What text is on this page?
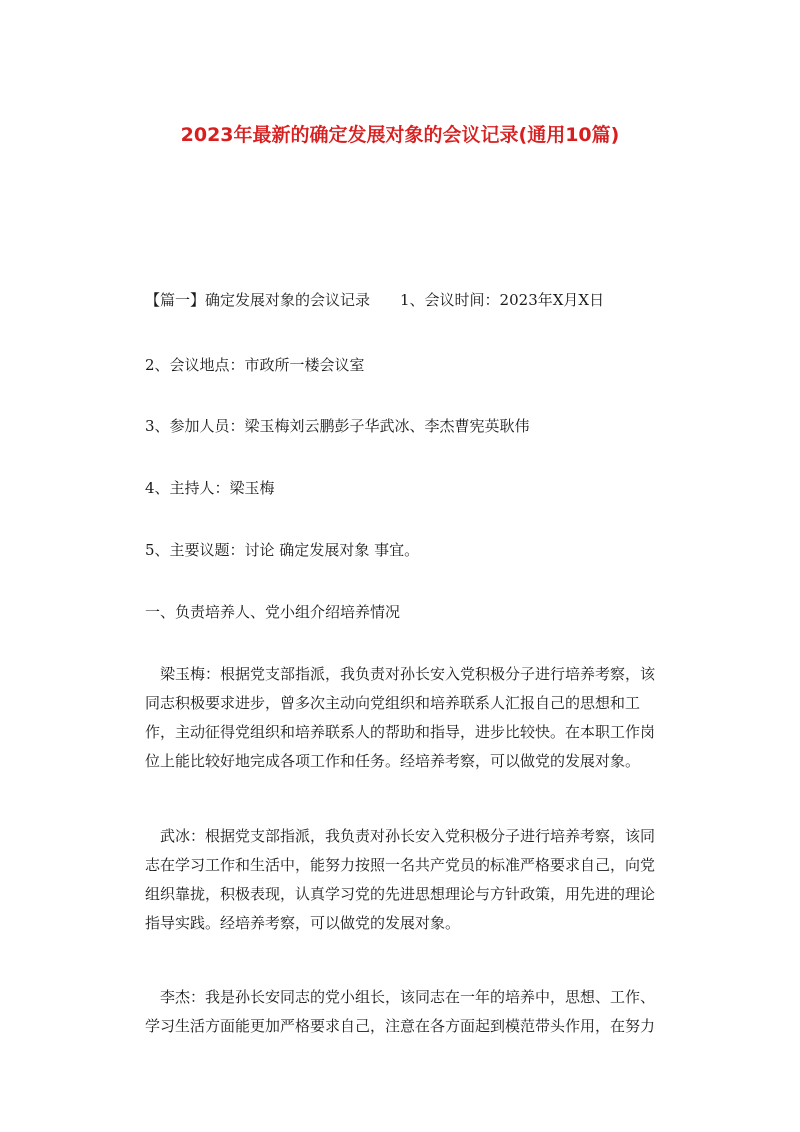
2023年最新的确定发展对象的会议记录(通用10篇)

【篇一】确定发展对象的会议记录 1、会议时间：2023年X月X日

2、会议地点：市政所一楼会议室

3、参加人员：梁玉梅刘云鹏彭子华武冰、李杰曹宪英耿伟

4、主持人：梁玉梅

5、主要议题：讨论 确定发展对象 事宜。

一、负责培养人、党小组介绍培养情况

　梁玉梅：根据党支部指派，我负责对孙长安入党积极分子进行培养考察，该
同志积极要求进步，曾多次主动向党组织和培养联系人汇报自己的思想和工
作，主动征得党组织和培养联系人的帮助和指导，进步比较快。在本职工作岗
位上能比较好地完成各项工作和任务。经培养考察，可以做党的发展对象。
　武冰：根据党支部指派，我负责对孙长安入党积极分子进行培养考察，该同
志在学习工作和生活中，能努力按照一名共产党员的标准严格要求自己，向党
组织靠拢，积极表现，认真学习党的先进思想理论与方针政策，用先进的理论
指导实践。经培养考察，可以做党的发展对象。
　李杰：我是孙长安同志的党小组长，该同志在一年的培养中，思想、工作、
学习生活方面能更加严格要求自己，注意在各方面起到模范带头作用，在努力
